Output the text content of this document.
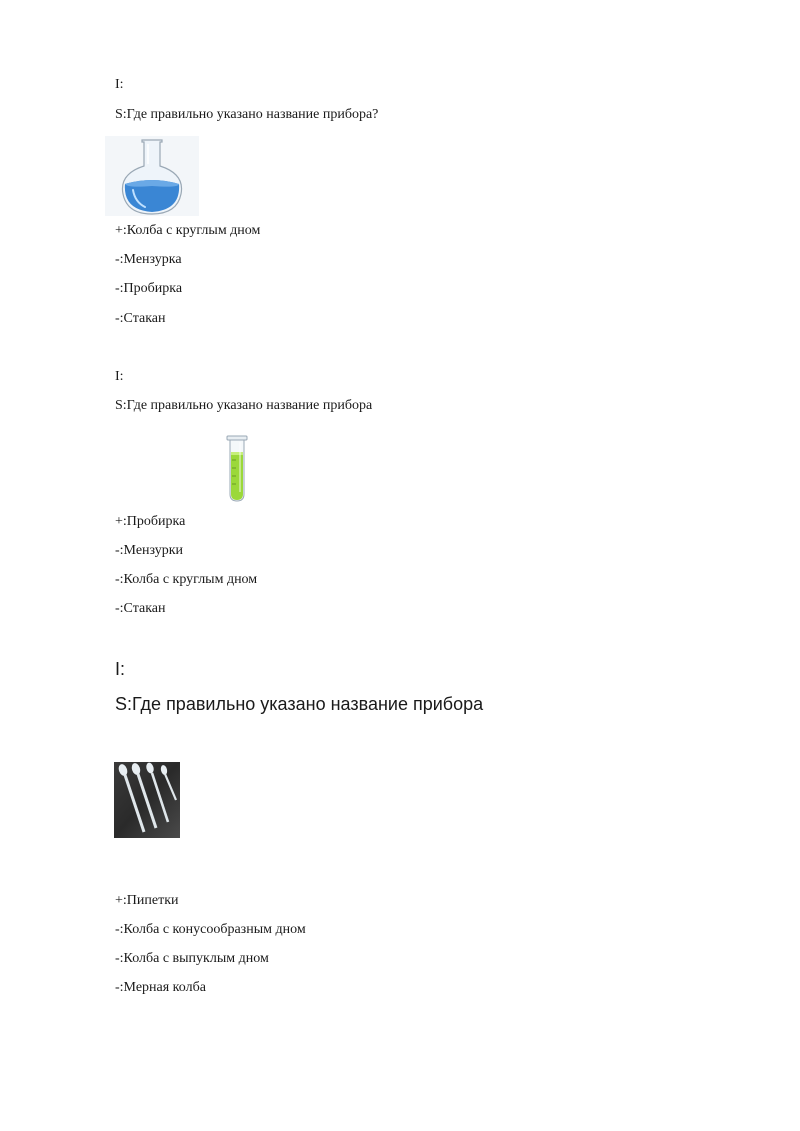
I:
S:Где правильно указано название прибора?
+:Колба с круглым дном
-:Мензурка
-:Пробирка
-:Стакан
I:
S:Где правильно указано название прибора
+:Пробирка
-:Мензурки
-:Колба с круглым дном
-:Стакан
I:
S:Где правильно указано название прибора
+:Пипетки
-:Колба с конусообразным дном
-:Колба с выпуклым дном
-:Мерная колба
